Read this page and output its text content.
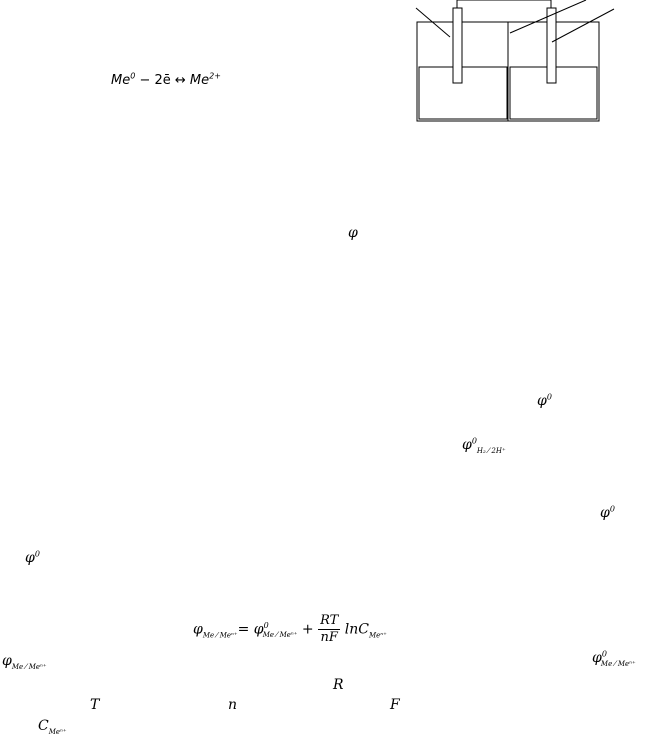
$Me^0$ − 2ē ↔ $Me^{2+}$
φ
$\varphi^0$
$\varphi^0_{H_2 ⁄ 2H^+}$
$\varphi^0$
$\varphi^0$
$\varphi_{Me ⁄ Me^{n+}}= \varphi^0_{Me ⁄ Me^{n+}} + \frac{RT}{nF} \ln C_{Me^{n+}}$
$\varphi_{Me ⁄ Me^{n+}}$
$\varphi^0_{Me ⁄ Me^{n+}}$
R
T	n	F
$C_{Me^{n+}}$
